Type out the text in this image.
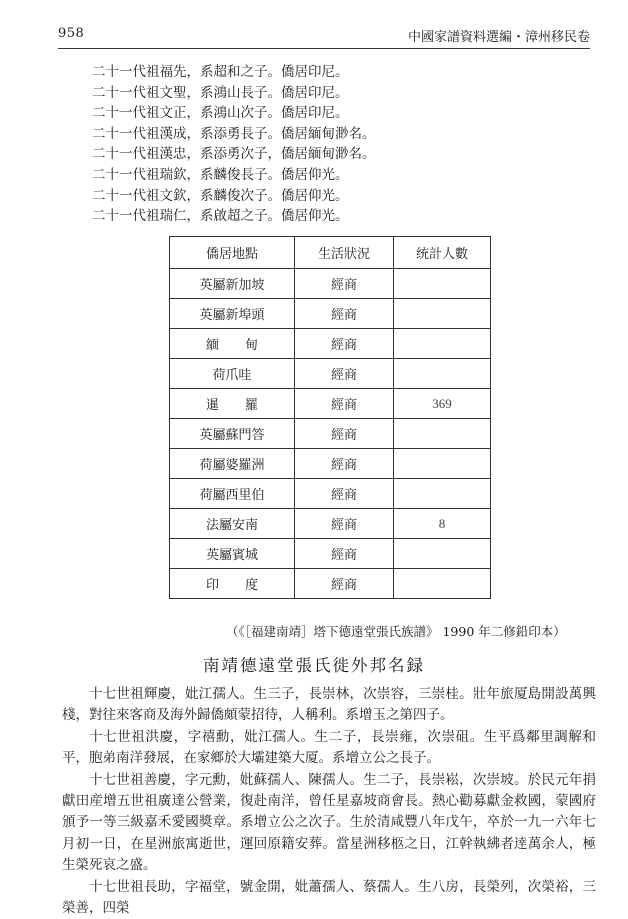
958	中國家譜資料選編・漳州移民卷
二十一代祖福先，系超和之子。僑居印尼。
二十一代祖文聖，系鴻山長子。僑居印尼。
二十一代祖文正，系鴻山次子。僑居印尼。
二十一代祖漢成，系添勇長子。僑居緬甸渺名。
二十一代祖漢忠，系添勇次子，僑居緬甸渺名。
二十一代祖瑞欽，系麟俊長子。僑居仰光。
二十一代祖文欽，系麟俊次子。僑居仰光。
二十一代祖瑞仁，系啟超之子。僑居仰光。
僑居地點	生活狀況	统計人數
英屬新加坡	經商	
英屬新埠頭	經商	
緬　　甸	經商	
荷爪哇	經商	
暹　　羅	經商	369
英屬蘇門答	經商	
荷屬婆羅洲	經商	
荷屬西里伯	經商	
法屬安南	經商	8
英屬賓城	經商	
印　　度	經商	
（《［福建南靖］塔下德遠堂張氏族譜》 1990 年二修鉛印本）
南靖德遠堂張氏徙外邦名録

十七世祖輝慶，妣江孺人。生三子，長崇林，次崇容，三崇桂。壯年旅厦島開設萬興棧，對往來客商及海外歸僑頗蒙招待，人稱利。系增玉之第四子。

十七世祖洪慶，字禧勳，妣江孺人。生二子，長崇雍，次崇砠。生平爲鄰里調解和平，胞弟南洋發展，在家鄉於大壩建築大厦。系增立公之長子。

十七世祖善慶，字元勳，妣蘇孺人、陳孺人。生二子，長崇崧，次崇坡。於民元年捐獻田産增五世祖廣達公營業，復赴南洋，曾任星嘉坡商會長。熱心勸募獻金救國，蒙國府頒予一等三級嘉禾愛國獎章。系增立公之次子。生於清咸豐八年戊午，卒於一九一六年七月初一日，在星洲旅寓逝世，運回原籍安葬。當星洲移柩之日，江幹執紼者逹萬余人，極生榮死哀之盛。

十七世祖長助，字福堂，號金開，妣蕭孺人、蔡孺人。生八房，長榮列，次榮裕，三榮善，四榮
